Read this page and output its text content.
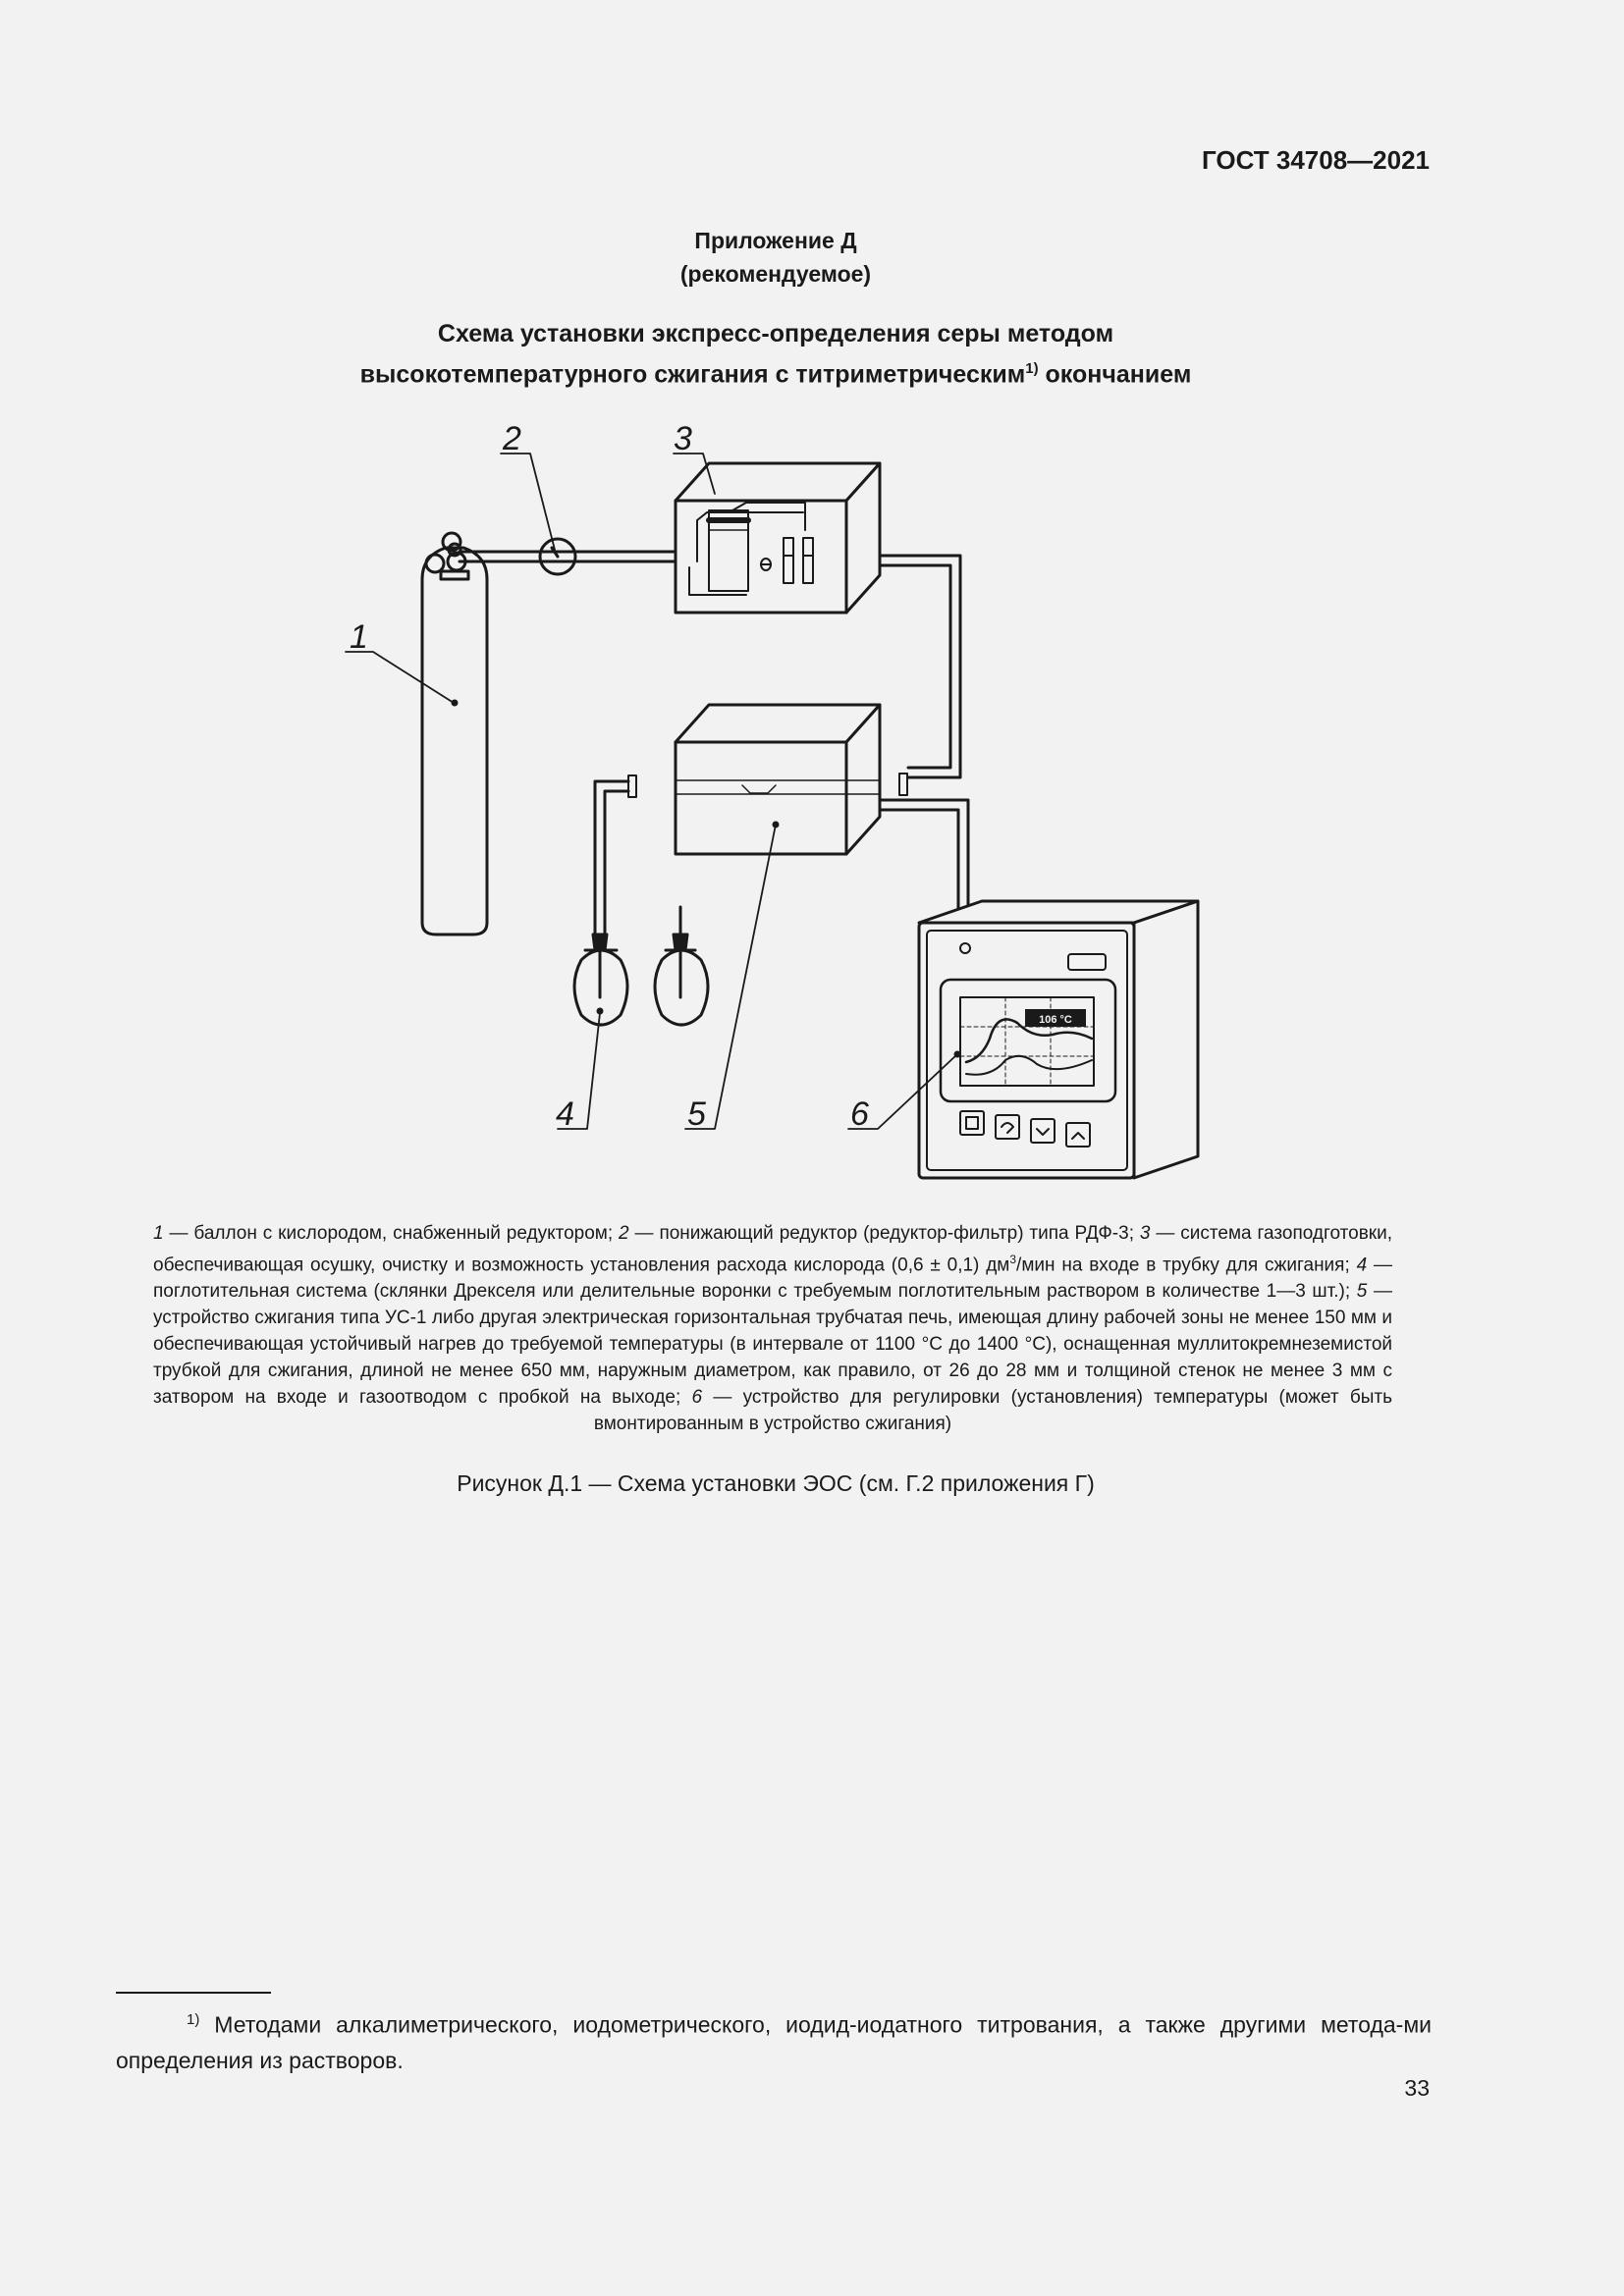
ГОСТ 34708—2021
Приложение Д
(рекомендуемое)
Схема установки экспресс-определения серы методом
высокотемпературного сжигания с титриметрическим$^{1)}$ окончанием
106 °C
1
2	3
4	5	6
1 — баллон с кислородом, снабженный редуктором; 2 — понижающий редуктор (редуктор-фильтр) типа РДФ-3; 3 — система газоподготовки, обеспечивающая осушку, очистку и возможность установления расхода кислорода (0,6 ± 0,1) $дм^3$/мин на входе в трубку для сжигания; 4 — поглотительная система (склянки Дрекселя или делительные воронки с требуемым поглотительным раствором в количестве 1—3 шт.); 5 — устройство сжигания типа УС-1 либо другая электрическая горизонтальная трубчатая печь, имеющая длину рабочей зоны не менее 150 мм и обеспечивающая устойчивый нагрев до требуемой температуры (в интервале от 1100 °С до 1400 °С), оснащенная муллитокремнеземистой трубкой для сжигания, длиной не менее 650 мм, наружным диаметром, как правило, от 26 до 28 мм и толщиной стенок не менее 3 мм с затвором на входе и газоотводом с пробкой на выходе; 6 — устройство для регулировки (установления) температуры (может быть вмонтированным в устройство сжигания)
Рисунок Д.1 — Схема установки ЭОС (см. Г.2 приложения Г)
$^{1)}$ Методами алкалиметрического, иодометрического, иодид-иодатного титрования, а также другими метода-ми определения из растворов.
33
